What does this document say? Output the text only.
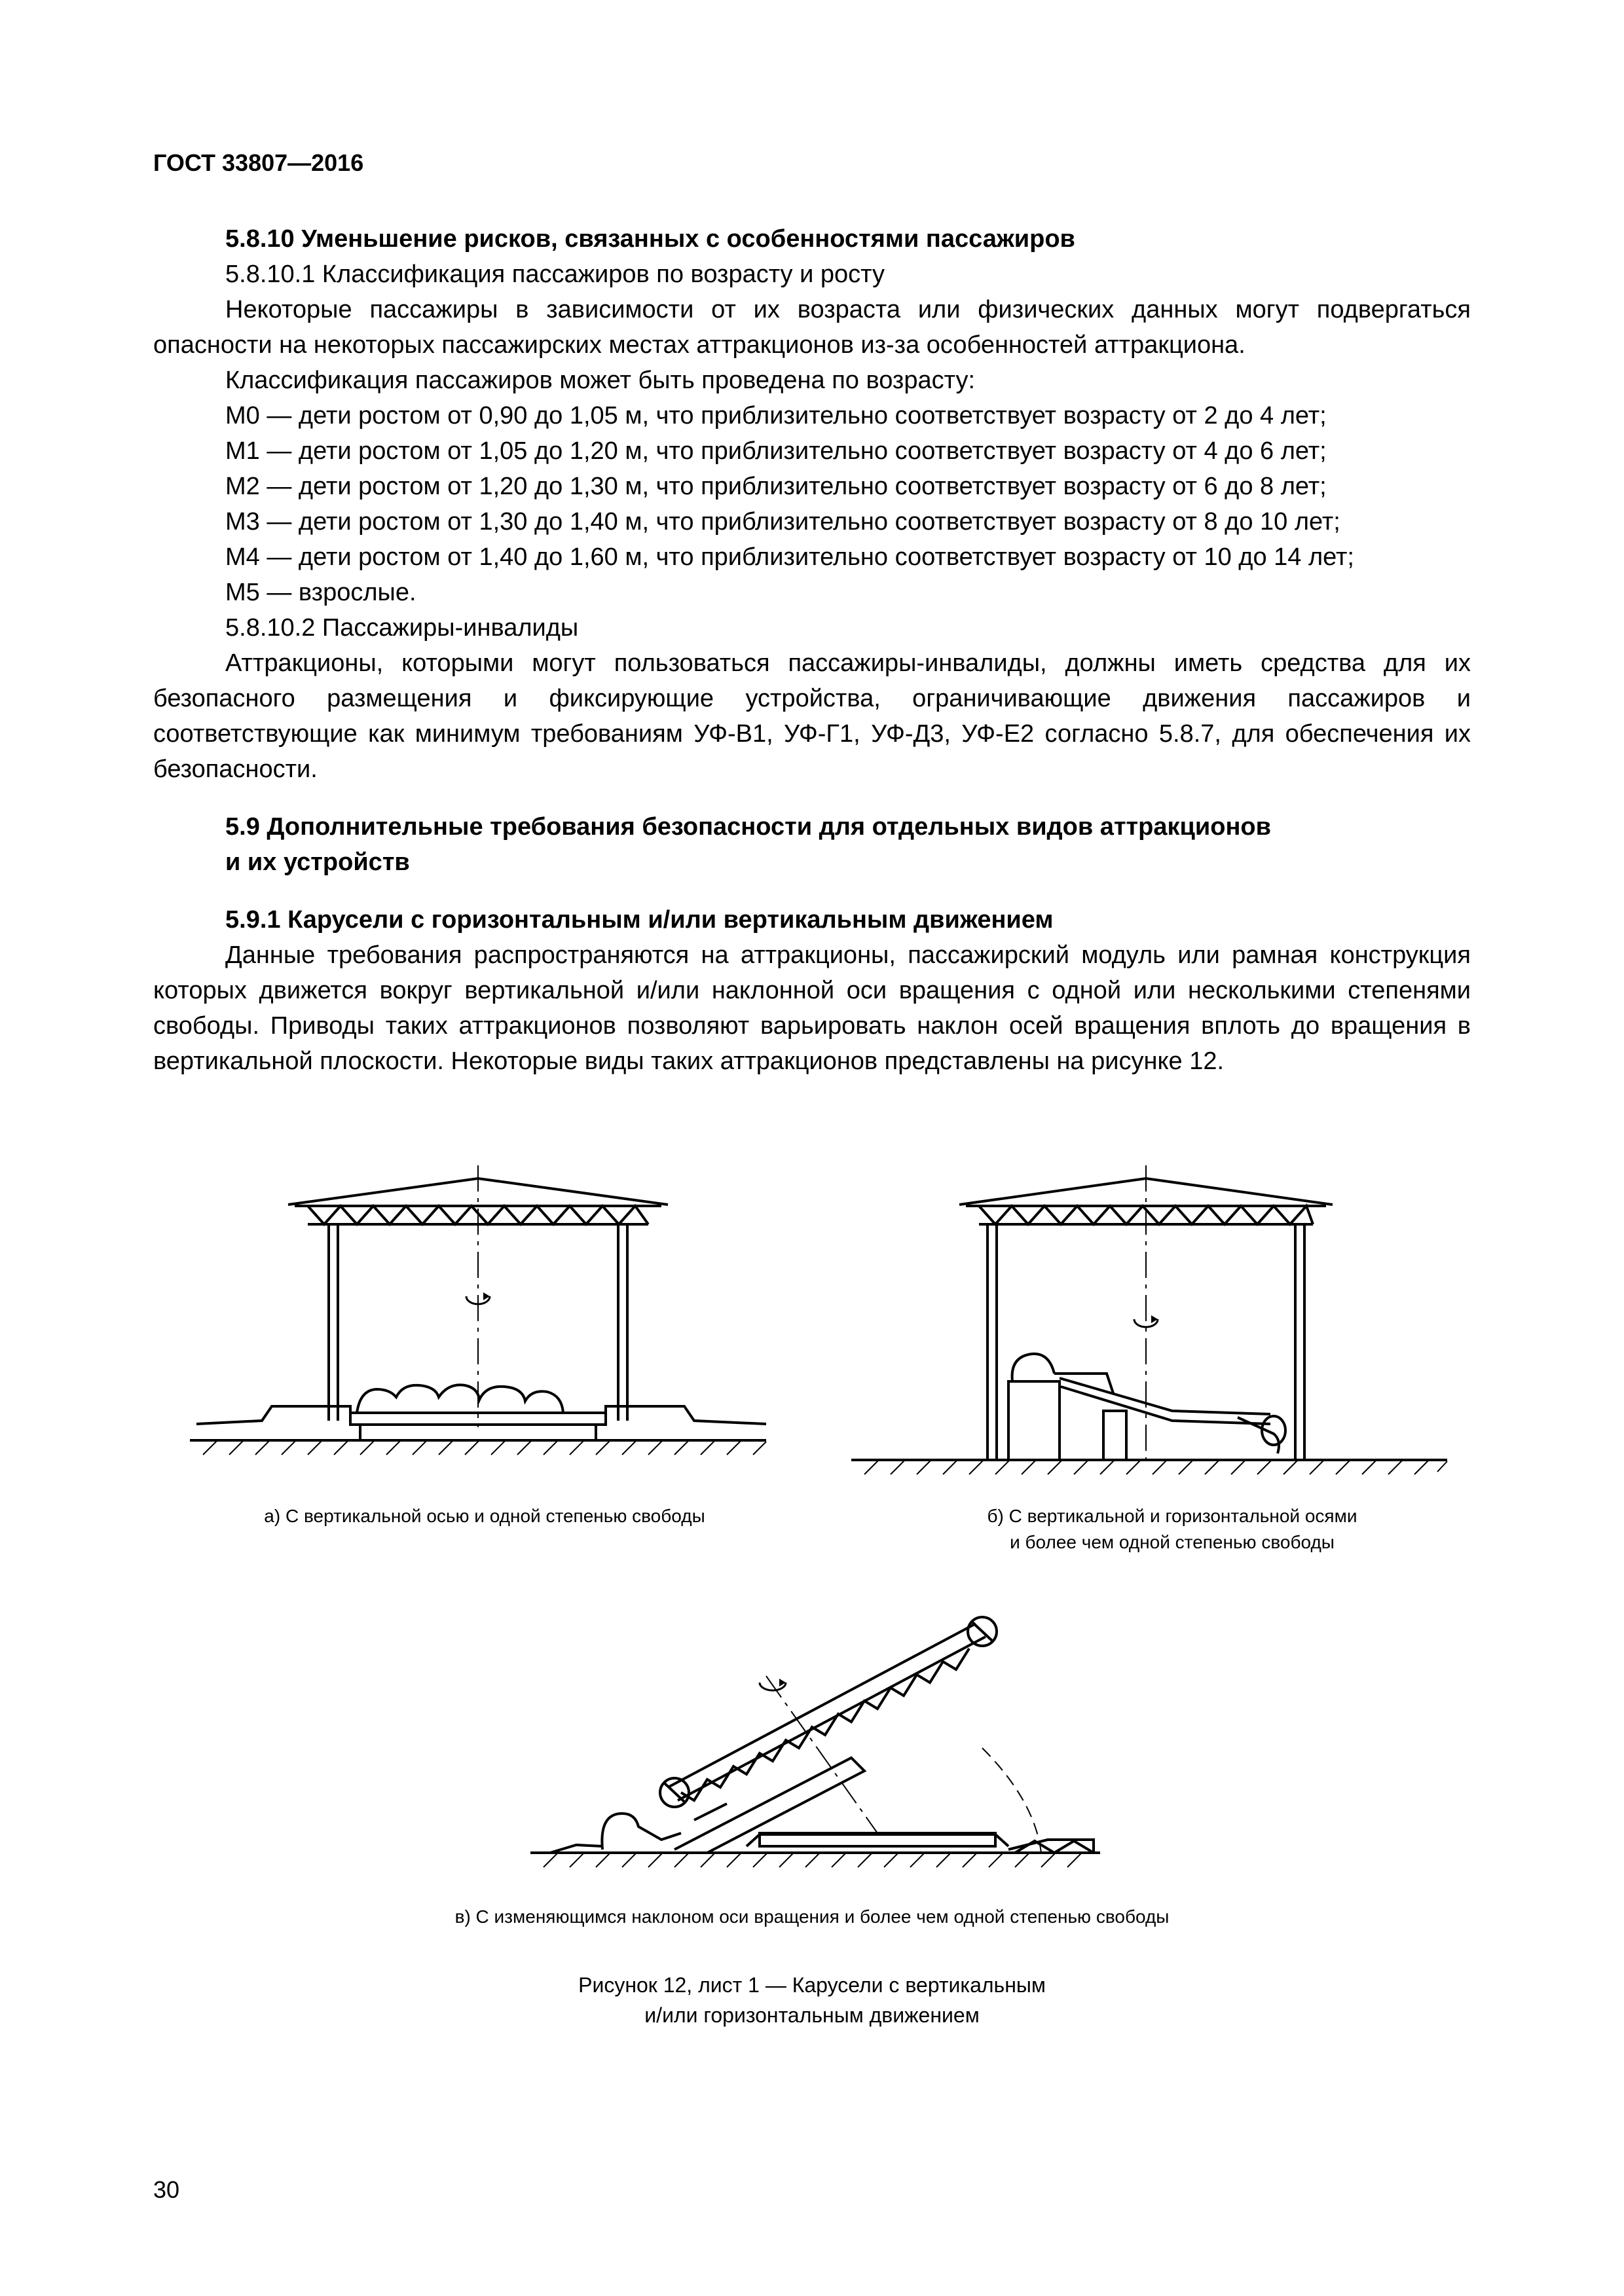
ГОСТ 33807—2016

5.8.10 Уменьшение рисков, связанных с особенностями пассажиров

5.8.10.1 Классификация пассажиров по возрасту и росту

Некоторые пассажиры в зависимости от их возраста или физических данных могут подвергаться опасности на некоторых пассажирских местах аттракционов из-за особенностей аттракциона.

Классификация пассажиров может быть проведена по возрасту:

М0 — дети ростом от 0,90 до 1,05 м, что приблизительно соответствует возрасту от 2 до 4 лет;

М1 — дети ростом от 1,05 до 1,20 м, что приблизительно соответствует возрасту от 4 до 6 лет;

М2 — дети ростом от 1,20 до 1,30 м, что приблизительно соответствует возрасту от 6 до 8 лет;

М3 — дети ростом от 1,30 до 1,40 м, что приблизительно соответствует возрасту от 8 до 10 лет;

М4 — дети ростом от 1,40 до 1,60 м, что приблизительно соответствует возрасту от 10 до 14 лет;

М5 — взрослые.

5.8.10.2 Пассажиры-инвалиды

Аттракционы, которыми могут пользоваться пассажиры-инвалиды, должны иметь средства для их безопасного размещения и фиксирующие устройства, ограничивающие движения пассажиров и соответствующие как минимум требованиям УФ-В1, УФ-Г1, УФ-Д3, УФ-Е2 согласно 5.8.7, для обеспечения их безопасности.

5.9 Дополнительные требования безопасности для отдельных видов аттракционов

и их устройств

5.9.1 Карусели с горизонтальным и/или вертикальным движением

Данные требования распространяются на аттракционы, пассажирский модуль или рамная конструкция которых движется вокруг вертикальной и/или наклонной оси вращения с одной или несколькими степенями свободы. Приводы таких аттракционов позволяют варьировать наклон осей вращения вплоть до вращения в вертикальной плоскости. Некоторые виды таких аттракционов представлены на рисунке 12.

а) С вертикальной осью и одной степенью свободы	б) С вертикальной и горизонтальной осями
и более чем одной степенью свободы
в) С изменяющимся наклоном оси вращения и более чем одной степенью свободы
Рисунок 12, лист 1 — Карусели с вертикальным
и/или горизонтальным движением
30
